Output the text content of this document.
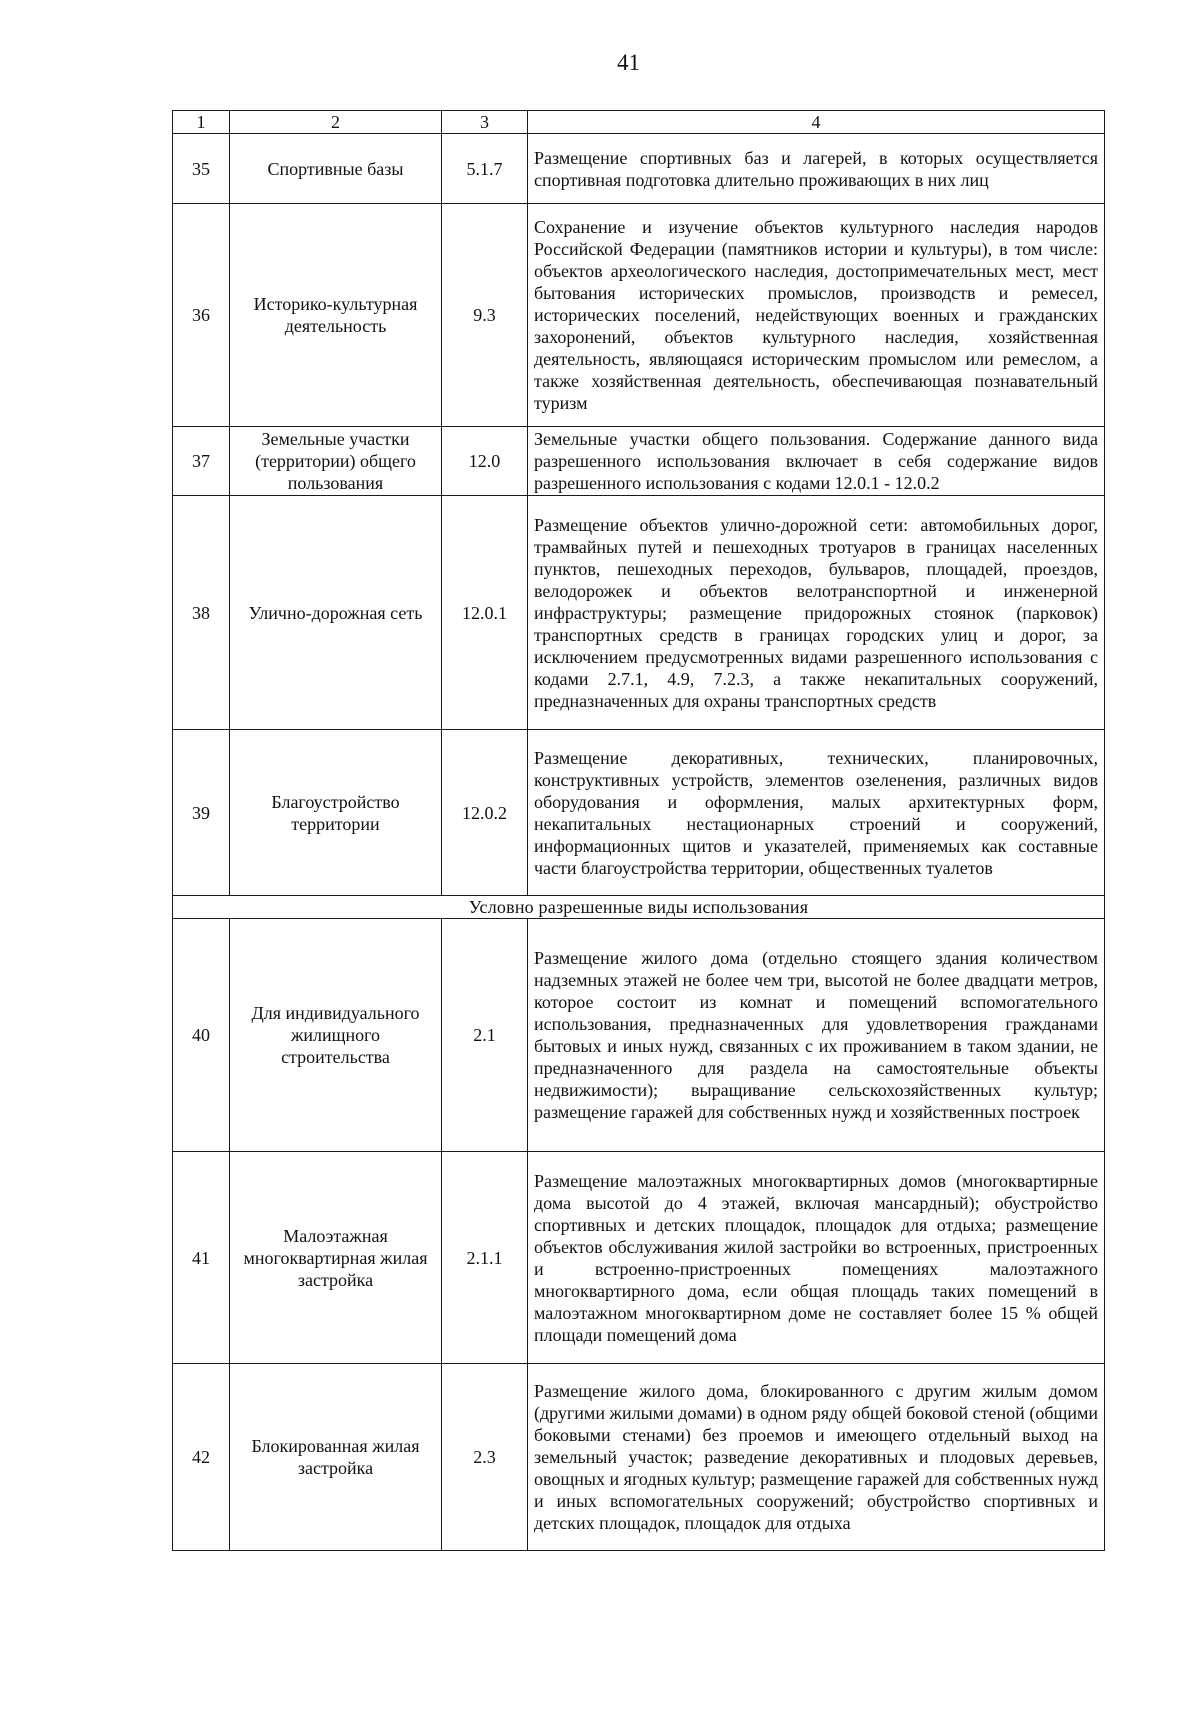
41
1	2	3	4
35	Спортивные базы	5.1.7	Размещение спортивных баз и лагерей, в которых осуществляется спортивная подготовка длительно проживающих в них лиц
36	Историко-культурная деятельность	9.3	Сохранение и изучение объектов культурного наследия народов Российской Федерации (памятников истории и культуры), в том числе: объектов археологического наследия, достопримечательных мест, мест бытования исторических промыслов, производств и ремесел, исторических поселений, недействующих военных и гражданских захоронений, объектов культурного наследия, хозяйственная деятельность, являющаяся историческим промыслом или ремеслом, а также хозяйственная деятельность, обеспечивающая познавательный туризм
37	Земельные участки (территории) общего пользования	12.0	Земельные участки общего пользования. Содержание данного вида разрешенного использования включает в себя содержание видов разрешенного использования с кодами 12.0.1 - 12.0.2
38	Улично-дорожная сеть	12.0.1	Размещение объектов улично-дорожной сети: автомобильных дорог, трамвайных путей и пешеходных тротуаров в границах населенных пунктов, пешеходных переходов, бульваров, площадей, проездов, велодорожек и объектов велотранспортной и инженерной инфраструктуры; размещение придорожных стоянок (парковок) транспортных средств в границах городских улиц и дорог, за исключением предусмотренных видами разрешенного использования с кодами 2.7.1, 4.9, 7.2.3, а также некапитальных сооружений, предназначенных для охраны транспортных средств
39	Благоустройство территории	12.0.2	Размещение декоративных, технических, планировочных, конструктивных устройств, элементов озеленения, различных видов оборудования и оформления, малых архитектурных форм, некапитальных нестационарных строений и сооружений, информационных щитов и указателей, применяемых как составные части благоустройства территории, общественных туалетов
Условно разрешенные виды использования			
40	Для индивидуального жилищного строительства	2.1	Размещение жилого дома (отдельно стоящего здания количеством надземных этажей не более чем три, высотой не более двадцати метров, которое состоит из комнат и помещений вспомогательного использования, предназначенных для удовлетворения гражданами бытовых и иных нужд, связанных с их проживанием в таком здании, не предназначенного для раздела на самостоятельные объекты недвижимости); выращивание сельскохозяйственных культур; размещение гаражей для собственных нужд и хозяйственных построек
41	Малоэтажная многоквартирная жилая застройка	2.1.1	Размещение малоэтажных многоквартирных домов (многоквартирные дома высотой до 4 этажей, включая мансардный); обустройство спортивных и детских площадок, площадок для отдыха; размещение объектов обслуживания жилой застройки во встроенных, пристроенных и встроенно-пристроенных помещениях малоэтажного многоквартирного дома, если общая площадь таких помещений в малоэтажном многоквартирном доме не составляет более 15 % общей площади помещений дома
42	Блокированная жилая застройка	2.3	Размещение жилого дома, блокированного с другим жилым домом (другими жилыми домами) в одном ряду общей боковой стеной (общими боковыми стенами) без проемов и имеющего отдельный выход на земельный участок; разведение декоративных и плодовых деревьев, овощных и ягодных культур; размещение гаражей для собственных нужд и иных вспомогательных сооружений; обустройство спортивных и детских площадок, площадок для отдыха
